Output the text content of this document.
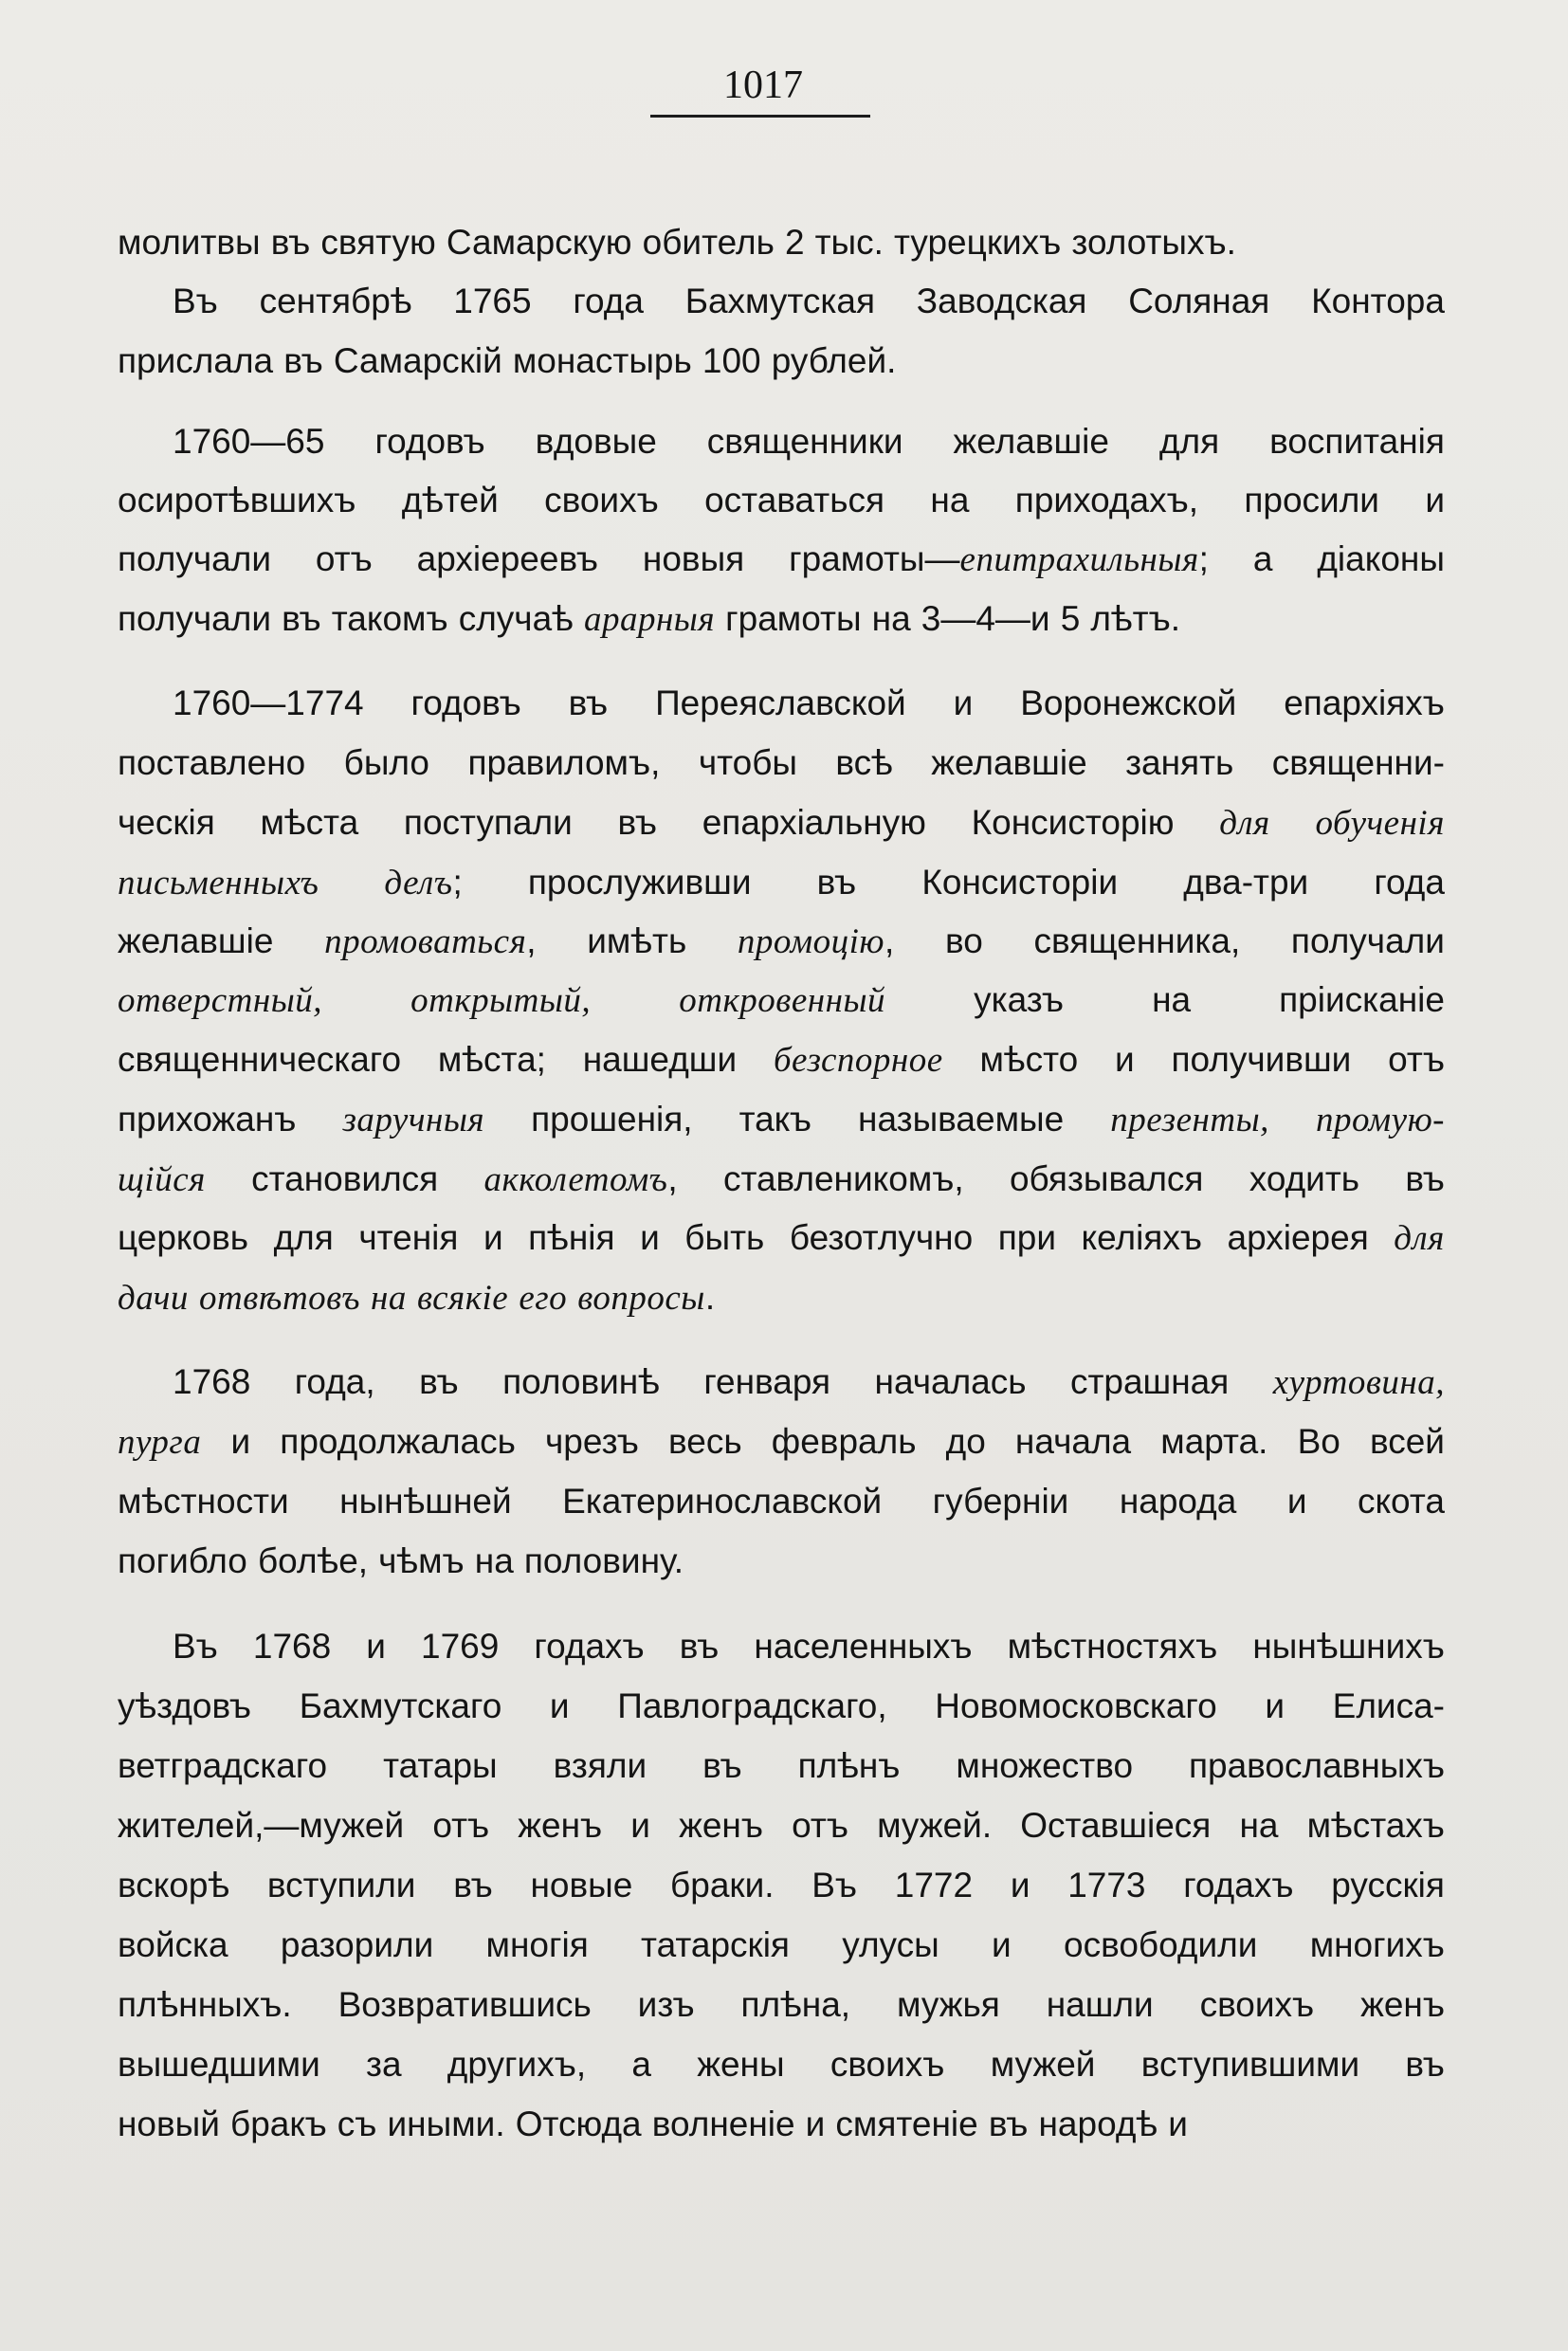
1017
молитвы въ святую Самарскую обитель 2 тыс. турецкихъ золотыхъ.
Въ сентябрѣ 1765 года Бахмутская Заводская Соляная Контора
прислала въ Самарскій монастырь 100 рублей.
1760—65 годовъ вдовые священники желавшіе для воспитанія
осиротѣвшихъ дѣтей своихъ оставаться на приходахъ, просили и
получали отъ архіереевъ новыя грамоты—епитрахильныя; а діаконы
получали въ такомъ случаѣ арарныя грамоты на 3—4—и 5 лѣтъ.
1760—1774 годовъ въ Переяславской и Воронежской епархіяхъ
поставлено было правиломъ, чтобы всѣ желавшіе занять священни-
ческія мѣста поступали въ епархіальную Консисторію для обученія
письменныхъ делъ; прослуживши въ Консисторіи два-три года
желавшіе промоваться, имѣть промоцію, во священника, получали
отверстный,	открытый,	откровенный	указъ	на	пріисканіе
священническаго мѣста; нашедши безспорное мѣсто и получивши отъ
прихожанъ заручныя прошенія, такъ называемые презенты, промую-
щійся становился акколетомъ, ставленикомъ, обязывался ходить въ
церковь для чтенія и пѣнія и быть безотлучно при келіяхъ архіерея для
дачи отвѣтовъ на всякіе его вопросы.
1768 года, въ половинѣ генваря началась страшная хуртовина,
пурга и продолжалась чрезъ весь февраль до начала марта. Во всей
мѣстности нынѣшней Екатеринославской губерніи народа и скота
погибло болѣе, чѣмъ на половину.
Въ 1768 и 1769 годахъ въ населенныхъ мѣстностяхъ нынѣшнихъ
уѣздовъ Бахмутскаго и Павлоградскаго, Новомосковскаго и Елиса-
ветградскаго татары взяли въ плѣнъ множество православныхъ
жителей,—мужей отъ женъ и женъ отъ мужей. Оставшіеся на мѣстахъ
вскорѣ вступили въ новые браки. Въ 1772 и 1773 годахъ русскія
войска разорили многія татарскія улусы и освободили многихъ
плѣнныхъ. Возвратившись изъ плѣна, мужья нашли своихъ женъ
вышедшими за другихъ, а жены своихъ мужей вступившими въ
новый бракъ съ иными. Отсюда волненіе и смятеніе въ народѣ и
